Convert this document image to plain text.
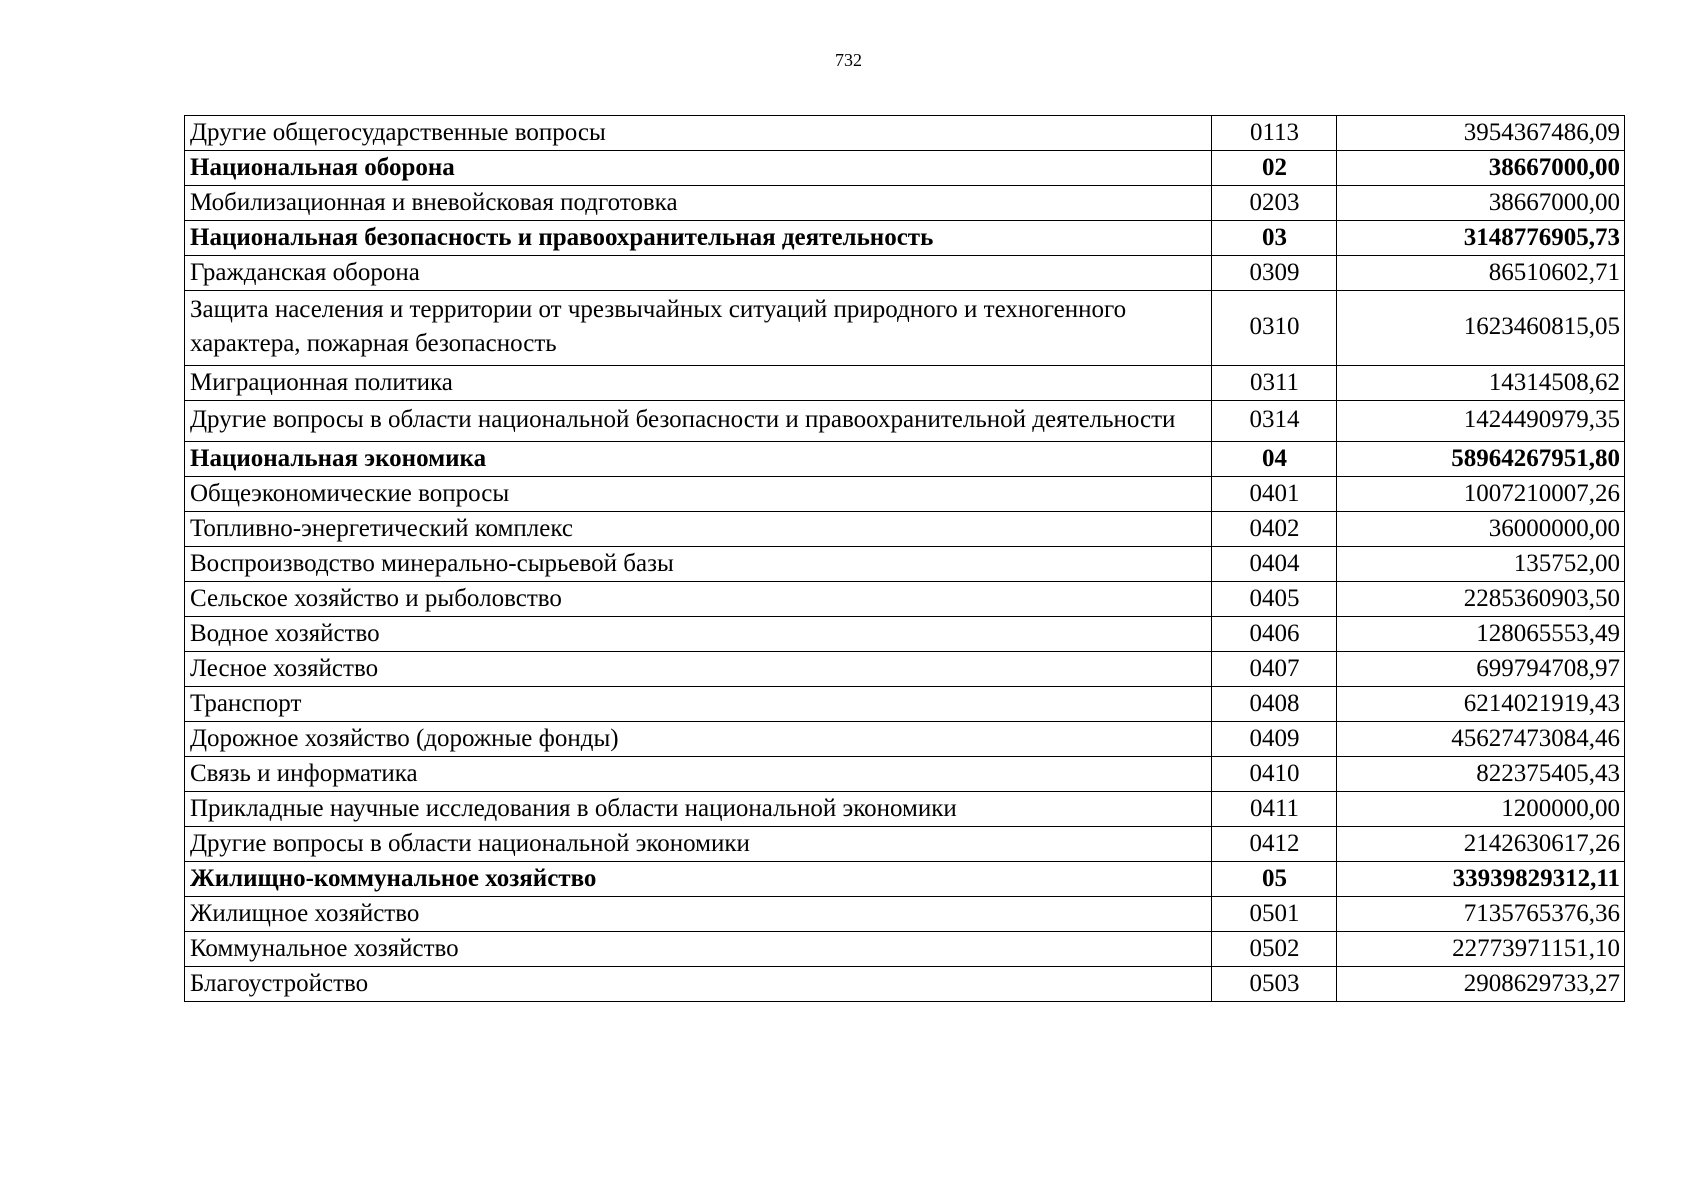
732
Другие общегосударственные вопросы	0113	3954367486,09
Национальная оборона	02	38667000,00
Мобилизационная и вневойсковая подготовка	0203	38667000,00
Национальная безопасность и правоохранительная деятельность	03	3148776905,73
Гражданская оборона	0309	86510602,71
Защита населения и территории от чрезвычайных ситуаций природного и техногенного характера, пожарная безопасность	0310	1623460815,05
Миграционная политика	0311	14314508,62
Другие вопросы в области национальной безопасности и правоохранительной деятельности	0314	1424490979,35
Национальная экономика	04	58964267951,80
Общеэкономические вопросы	0401	1007210007,26
Топливно-энергетический комплекс	0402	36000000,00
Воспроизводство минерально-сырьевой базы	0404	135752,00
Сельское хозяйство и рыболовство	0405	2285360903,50
Водное хозяйство	0406	128065553,49
Лесное хозяйство	0407	699794708,97
Транспорт	0408	6214021919,43
Дорожное хозяйство (дорожные фонды)	0409	45627473084,46
Связь и информатика	0410	822375405,43
Прикладные научные исследования в области национальной экономики	0411	1200000,00
Другие вопросы в области национальной экономики	0412	2142630617,26
Жилищно-коммунальное хозяйство	05	33939829312,11
Жилищное хозяйство	0501	7135765376,36
Коммунальное хозяйство	0502	22773971151,10
Благоустройство	0503	2908629733,27
